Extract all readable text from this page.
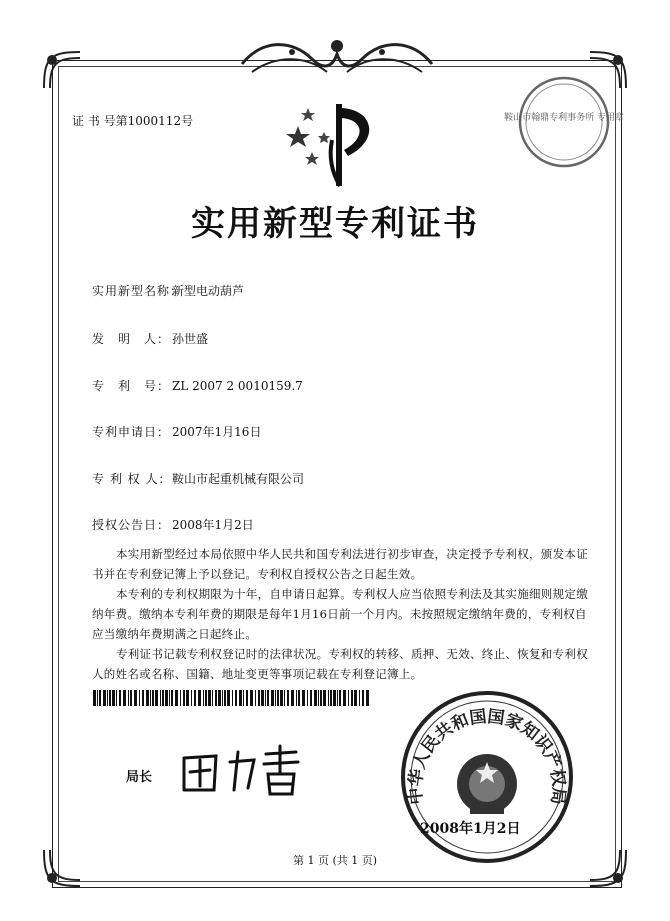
证 书 号第1000112号	鞍山市翰鼎专利事务所 专用章
实用新型专利证书
实用新型名称：新型电动葫芦
发　明　人： 孙世盛
专　利　号： ZL 2007 2 0010159.7
专利申请日： 2007年1月16日
专 利 权 人：鞍山市起重机械有限公司
授权公告日： 2008年1月2日
本实用新型经过本局依照中华人民共和国专利法进行初步审查，决定授予专利权，颁发本证书并在专利登记簿上予以登记。专利权自授权公告之日起生效。
本专利的专利权期限为十年，自申请日起算。专利权人应当依照专利法及其实施细则规定缴纳年费。缴纳本专利年费的期限是每年1月16日前一个月内。未按照规定缴纳年费的，专利权自应当缴纳年费期满之日起终止。
专利证书记载专利权登记时的法律状况。专利权的转移、质押、无效、终止、恢复和专利权人的姓名或名称、国籍、地址变更等事项记载在专利登记簿上。
局长
中华人民共和国国家知识产权局
2008年1月2日
第 1 页 (共 1 页)
